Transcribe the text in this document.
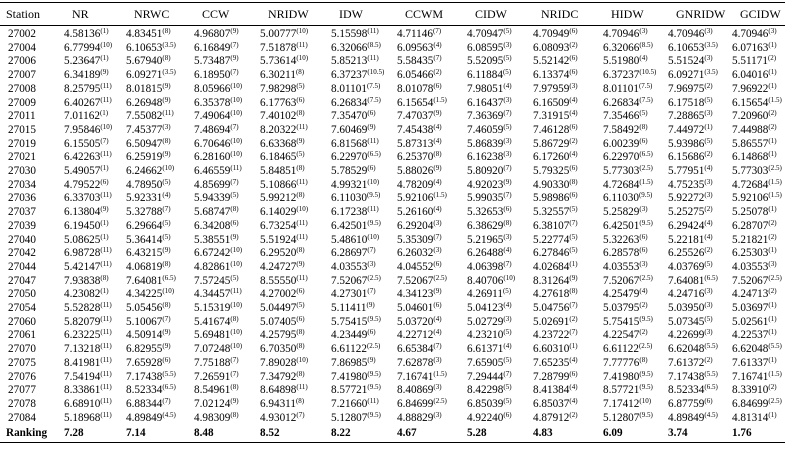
Station	NR	NRWC	CCW	NRIDW	IDW	CCWM	CIDW	NRIDC	HIDW	GNRIDW	GCIDW
27002	4.58136$^{(1)}$	4.83451$^{(8)}$	4.96807$^{(9)}$	5.00777$^{(10)}$	5.15598$^{(11)}$	4.71146$^{(7)}$	4.70947$^{(5)}$	4.70949$^{(6)}$	4.70946$^{(3)}$	4.70946$^{(3)}$	4.70946$^{(3)}$
27004	6.77994$^{(10)}$	$6.10653^{(3.5)}$	6.16849$^{(7)}$	7.51878$^{(11)}$	$6.32066^{(8.5)}$	6.09563$^{(4)}$	6.08595$^{(3)}$	6.08093$^{(2)}$	$6.32066^{(8.5)}$	$6.10653^{(3.5)}$	6.07163$^{(1)}$
27006	5.23647$^{(1)}$	5.67940$^{(8)}$	5.73487$^{(9)}$	5.73614$^{(10)}$	5.85213$^{(11)}$	5.58435$^{(7)}$	5.52095$^{(5)}$	5.52142$^{(6)}$	5.51980$^{(4)}$	5.51524$^{(3)}$	5.51171$^{(2)}$
27007	6.34189$^{(9)}$	$6.09271^{(3.5)}$	6.18950$^{(7)}$	6.30211$^{(8)}$	$6.37237^{(10.5)}$	6.05466$^{(2)}$	6.11884$^{(5)}$	6.13374$^{(6)}$	$6.37237^{(10.5)}$	$6.09271^{(3.5)}$	6.04016$^{(1)}$
27008	8.25795$^{(11)}$	8.01815$^{(9)}$	8.05966$^{(10)}$	7.98298$^{(5)}$	$8.01101^{(7.5)}$	8.01078$^{(6)}$	7.98051$^{(4)}$	7.97959$^{(3)}$	$8.01101^{(7.5)}$	7.96975$^{(2)}$	7.96922$^{(1)}$
27009	6.40267$^{(11)}$	6.26948$^{(9)}$	6.35378$^{(10)}$	6.17763$^{(6)}$	$6.26834^{(7.5)}$	$6.15654^{(1.5)}$	6.16437$^{(3)}$	6.16509$^{(4)}$	$6.26834^{(7.5)}$	6.17518$^{(5)}$	$6.15654^{(1.5)}$
27011	7.01162$^{(1)}$	7.55082$^{(11)}$	7.49064$^{(10)}$	7.40102$^{(8)}$	7.35470$^{(6)}$	7.47037$^{(9)}$	7.36369$^{(7)}$	7.31915$^{(4)}$	7.35466$^{(5)}$	7.28865$^{(3)}$	7.20960$^{(2)}$
27015	7.95846$^{(10)}$	7.45377$^{(3)}$	7.48694$^{(7)}$	8.20322$^{(11)}$	7.60469$^{(9)}$	7.45438$^{(4)}$	7.46059$^{(5)}$	7.46128$^{(6)}$	7.58492$^{(8)}$	7.44972$^{(1)}$	7.44988$^{(2)}$
27019	6.15505$^{(7)}$	6.50947$^{(8)}$	6.70646$^{(10)}$	6.63368$^{(9)}$	6.81568$^{(11)}$	5.87313$^{(4)}$	5.86839$^{(3)}$	5.86729$^{(2)}$	6.00239$^{(6)}$	5.93986$^{(5)}$	5.86557$^{(1)}$
27021	6.42263$^{(11)}$	6.25919$^{(9)}$	6.28160$^{(10)}$	6.18465$^{(5)}$	$6.22970^{(6.5)}$	6.25370$^{(8)}$	6.16238$^{(3)}$	6.17260$^{(4)}$	$6.22970^{(6.5)}$	6.15686$^{(2)}$	6.14868$^{(1)}$
27030	5.49057$^{(1)}$	6.24662$^{(10)}$	6.46559$^{(11)}$	5.84851$^{(8)}$	5.78529$^{(6)}$	5.88026$^{(9)}$	5.80920$^{(7)}$	5.79325$^{(6)}$	$5.77303^{(2.5)}$	5.77951$^{(4)}$	$5.77303^{(2.5)}$
27034	4.79522$^{(6)}$	4.78950$^{(5)}$	4.85699$^{(7)}$	5.10866$^{(11)}$	4.99321$^{(10)}$	4.78209$^{(4)}$	4.92023$^{(9)}$	4.90330$^{(8)}$	$4.72684^{(1.5)}$	4.75235$^{(3)}$	$4.72684^{(1.5)}$
27036	6.33703$^{(11)}$	5.92331$^{(4)}$	5.94339$^{(5)}$	5.99212$^{(8)}$	$6.11030^{(9.5)}$	$5.92106^{(1.5)}$	5.99035$^{(7)}$	5.98986$^{(6)}$	$6.11030^{(9.5)}$	5.92272$^{(3)}$	$5.92106^{(1.5)}$
27037	6.13804$^{(9)}$	5.32788$^{(7)}$	5.68747$^{(8)}$	6.14029$^{(10)}$	6.17238$^{(11)}$	5.26160$^{(4)}$	5.32653$^{(6)}$	5.32557$^{(5)}$	5.25829$^{(3)}$	5.25275$^{(2)}$	5.25078$^{(1)}$
27039	6.19450$^{(1)}$	6.29664$^{(5)}$	6.34208$^{(6)}$	6.73254$^{(11)}$	$6.42501^{(9.5)}$	6.29204$^{(3)}$	6.38629$^{(8)}$	6.38107$^{(7)}$	$6.42501^{(9.5)}$	6.29424$^{(4)}$	6.28707$^{(2)}$
27040	5.08625$^{(1)}$	5.36414$^{(5)}$	5.38551$^{(9)}$	5.51924$^{(11)}$	5.48610$^{(10)}$	5.35309$^{(7)}$	5.21965$^{(3)}$	5.22774$^{(5)}$	5.32263$^{(6)}$	5.22181$^{(4)}$	5.21821$^{(2)}$
27042	6.98728$^{(11)}$	6.43215$^{(9)}$	6.67242$^{(10)}$	6.29520$^{(8)}$	6.28697$^{(7)}$	6.26032$^{(3)}$	6.26488$^{(4)}$	6.27846$^{(5)}$	6.28578$^{(6)}$	6.25526$^{(2)}$	6.25303$^{(1)}$
27044	5.42147$^{(11)}$	4.06819$^{(8)}$	4.82861$^{(10)}$	4.24727$^{(9)}$	4.03553$^{(3)}$	4.04552$^{(6)}$	4.06398$^{(7)}$	4.02684$^{(1)}$	4.03553$^{(3)}$	4.03769$^{(5)}$	4.03553$^{(3)}$
27047	7.93838$^{(8)}$	$7.64081^{(6.5)}$	7.57245$^{(5)}$	8.55550$^{(11)}$	$7.52067^{(2.5)}$	$7.52067^{(2.5)}$	8.40706$^{(10)}$	8.31264$^{(9)}$	$7.52067^{(2.5)}$	$7.64081^{(6.5)}$	$7.52067^{(2.5)}$
27050	4.23082$^{(1)}$	4.34225$^{(10)}$	4.34457$^{(11)}$	4.27002$^{(6)}$	4.27301$^{(7)}$	4.34123$^{(9)}$	4.26911$^{(5)}$	4.27618$^{(8)}$	4.25479$^{(4)}$	4.24716$^{(3)}$	4.24713$^{(2)}$
27054	5.52828$^{(11)}$	5.05456$^{(8)}$	5.15319$^{(10)}$	5.04497$^{(5)}$	5.11411$^{(9)}$	5.04601$^{(6)}$	5.04123$^{(4)}$	5.04756$^{(7)}$	5.03795$^{(2)}$	5.03950$^{(3)}$	5.03697$^{(1)}$
27060	5.82079$^{(11)}$	5.10067$^{(7)}$	5.41674$^{(8)}$	5.07405$^{(6)}$	$5.75415^{(9.5)}$	5.03720$^{(4)}$	5.02729$^{(3)}$	5.02691$^{(2)}$	$5.75415^{(9.5)}$	5.07345$^{(5)}$	5.02561$^{(1)}$
27061	6.23225$^{(11)}$	4.50914$^{(9)}$	5.69481$^{(10)}$	4.25795$^{(8)}$	4.23449$^{(6)}$	4.22712$^{(4)}$	4.23210$^{(5)}$	4.23722$^{(7)}$	4.22547$^{(2)}$	4.22699$^{(3)}$	4.22537$^{(1)}$
27070	7.13218$^{(11)}$	6.82955$^{(9)}$	7.07248$^{(10)}$	6.70350$^{(8)}$	$6.61122^{(2.5)}$	6.65384$^{(7)}$	6.61371$^{(4)}$	6.60310$^{(1)}$	$6.61122^{(2.5)}$	$6.62048^{(5.5)}$	$6.62048^{(5.5)}$
27075	8.41981$^{(11)}$	7.65928$^{(6)}$	7.75188$^{(7)}$	7.89028$^{(10)}$	7.86985$^{(9)}$	7.62878$^{(3)}$	7.65905$^{(5)}$	7.65235$^{(4)}$	7.77776$^{(8)}$	7.61372$^{(2)}$	7.61337$^{(1)}$
27076	7.54194$^{(11)}$	$7.17438^{(5.5)}$	7.26591$^{(7)}$	7.34792$^{(8)}$	$7.41980^{(9.5)}$	$7.16741^{(1.5)}$	7.29444$^{(7)}$	7.28799$^{(6)}$	$7.41980^{(9.5)}$	$7.17438^{(5.5)}$	$7.16741^{(1.5)}$
27077	8.33861$^{(11)}$	$8.52334^{(6.5)}$	8.54961$^{(8)}$	8.64898$^{(11)}$	$8.57721^{(9.5)}$	8.40869$^{(3)}$	8.42298$^{(5)}$	8.41384$^{(4)}$	$8.57721^{(9.5)}$	$8.52334^{(6.5)}$	8.33910$^{(2)}$
27078	6.68910$^{(11)}$	6.88344$^{(7)}$	7.02124$^{(9)}$	6.94311$^{(8)}$	7.21660$^{(11)}$	$6.84699^{(2.5)}$	6.85039$^{(5)}$	6.85037$^{(4)}$	7.17412$^{(10)}$	6.87759$^{(6)}$	$6.84699^{(2.5)}$
27084	5.18968$^{(11)}$	$4.89849^{(4.5)}$	4.98309$^{(8)}$	4.93012$^{(7)}$	$5.12807^{(9.5)}$	4.88829$^{(3)}$	4.92240$^{(6)}$	4.87912$^{(2)}$	$5.12807^{(9.5)}$	$4.89849^{(4.5)}$	4.81314$^{(1)}$
Ranking	7.28	7.14	8.48	8.52	8.22	4.67	5.28	4.83	6.09	3.74	1.76
